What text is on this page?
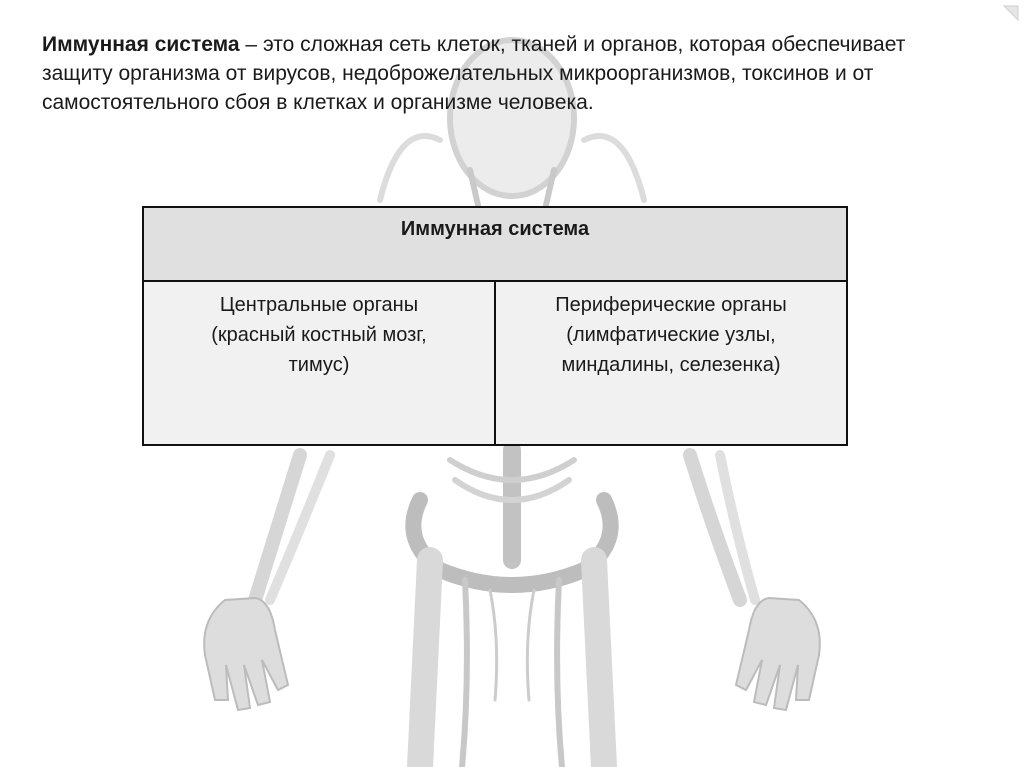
Иммунная система – это сложная сеть клеток, тканей и органов, которая обеспечивает защиту организма от вирусов, недоброжелательных микроорганизмов, токсинов и от самостоятельного сбоя в клетках и организме человека.
Иммунная система
Центральные органы
(красный костный мозг,
тимус)
Периферические органы
(лимфатические узлы,
миндалины, селезенка)
